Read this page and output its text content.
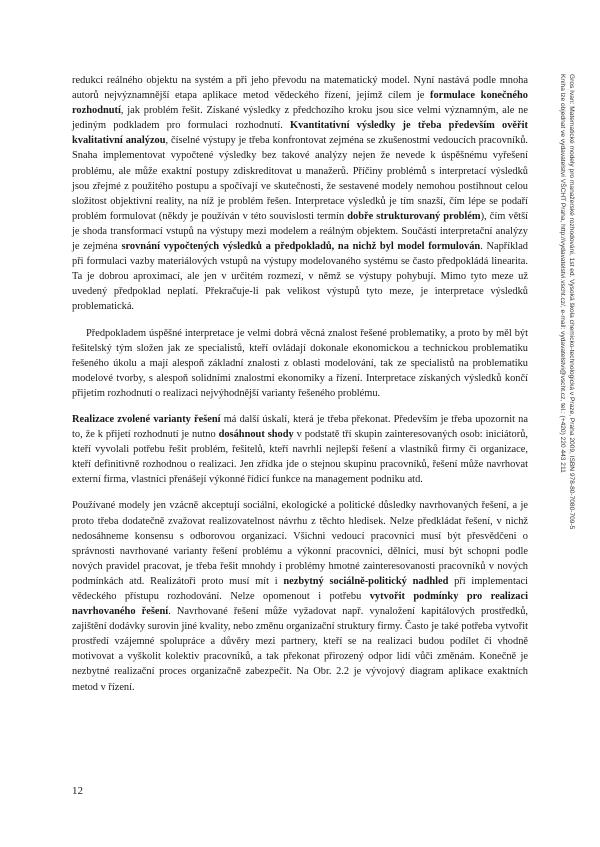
redukci reálného objektu na systém a při jeho převodu na matematický model. Nyní nastává podle mnoha autorů nejvýznamnější etapa aplikace metod vědeckého řízení, jejímž cílem je formulace konečného rozhodnutí, jak problém řešit. Získané výsledky z předchozího kroku jsou sice velmi významným, ale ne jediným podkladem pro formulaci rozhodnutí. Kvantitativní výsledky je třeba především ověřit kvalitativní analýzou, číselné výstupy je třeba konfrontovat zejména se zkušenostmi vedoucích pracovníků. Snaha implementovat vypočtené výsledky bez takové analýzy nejen že nevede k úspěšnému vyřešení problému, ale může exaktní postupy zdiskreditovat u manažerů. Příčiny problémů s interpretací výsledků jsou zřejmé z použitého postupu a spočívají ve skutečnosti, že sestavené modely nemohou postihnout celou složitost objektivní reality, na níž je problém řešen. Interpretace výsledků je tím snazší, čím lépe se podaří problém formulovat (někdy je používán v této souvislosti termín dobře strukturovaný problém), čím větší je shoda transformací vstupů na výstupy mezi modelem a reálným objektem. Součástí interpretační analýzy je zejména srovnání vypočtených výsledků a předpokladů, na nichž byl model formulován. Například při formulaci vazby materiálových vstupů na výstupy modelovaného systému se často předpokládá linearita. Ta je dobrou aproximací, ale jen v určitém rozmezí, v němž se výstupy pohybují. Mimo tyto meze už uvedený předpoklad neplatí. Překračuje-li pak velikost výstupů tyto meze, je interpretace výsledků problematická.

Předpokladem úspěšné interpretace je velmi dobrá věcná znalost řešené problematiky, a proto by měl být řešitelský tým složen jak ze specialistů, kteří ovládají dokonale ekonomickou a technickou problematiku řešeného úkolu a mají alespoň základní znalosti z oblasti modelování, tak ze specialistů na problematiku modelové tvorby, s alespoň solidními znalostmi ekonomiky a řízení. Interpretace získaných výsledků končí přijetím rozhodnutí o realizaci nejvýhodnější varianty řešeného problému.

Realizace zvolené varianty řešení má další úskalí, která je třeba překonat. Především je třeba upozornit na to, že k přijetí rozhodnutí je nutno dosáhnout shody v podstatě tří skupin zainteresovaných osob: iniciátorů, kteří vyvolali potřebu řešit problém, řešitelů, kteří navrhli nejlepší řešení a vlastníků firmy či organizace, kteří definitivně rozhodnou o realizaci. Jen zřídka jde o stejnou skupinu pracovníků, řešení může navrhovat externí firma, vlastníci přenášejí výkonné řídicí funkce na management podniku atd.

Používané modely jen vzácně akceptují sociální, ekologické a politické důsledky navrhovaných řešení, a je proto třeba dodatečně zvažovat realizovatelnost návrhu z těchto hledisek. Nelze předkládat řešení, v nichž nedosáhneme konsensu s odborovou organizací. Všichni vedoucí pracovníci musí být přesvědčeni o správnosti navrhované varianty řešení problému a výkonní pracovníci, dělníci, musí být schopni podle nových pravidel pracovat, je třeba řešit mnohdy i problémy hmotné zainteresovanosti pracovníků v nových podmínkách atd. Realizátoři proto musí mít i nezbytný sociálně-politický nadhled při implementaci vědeckého přístupu rozhodování. Nelze opomenout i potřebu vytvořit podmínky pro realizaci navrhovaného řešení. Navrhované řešení může vyžadovat např. vynaložení kapitálových prostředků, zajištění dodávky surovin jiné kvality, nebo změnu organizační struktury firmy. Často je také potřeba vytvořit prostředí vzájemné spolupráce a důvěry mezi partnery, kteří se na realizaci budou podílet či vhodně motivovat a vyškolit kolektiv pracovníků, a tak překonat přirozený odpor lidí vůči změnám. Konečně je nezbytné realizační proces organizačně zabezpečit. Na Obr. 2.2 je vývojový diagram aplikace exaktních metod v řízení.

12
Gros Ivan: Matematické modely pro manažerské rozhodování, 1st ed. Vysoká škola chemicko-technologická v Praze, Praha 2009, ISBN 978-80-7080-709-5
Kniha lze objednat ve vydavatelství VŠCHT Praha, http://vydavatelstvi.vscht.cz/, e-mail: vydavatelstvi@vscht.cz, tel.: (+420) 220 443 211
